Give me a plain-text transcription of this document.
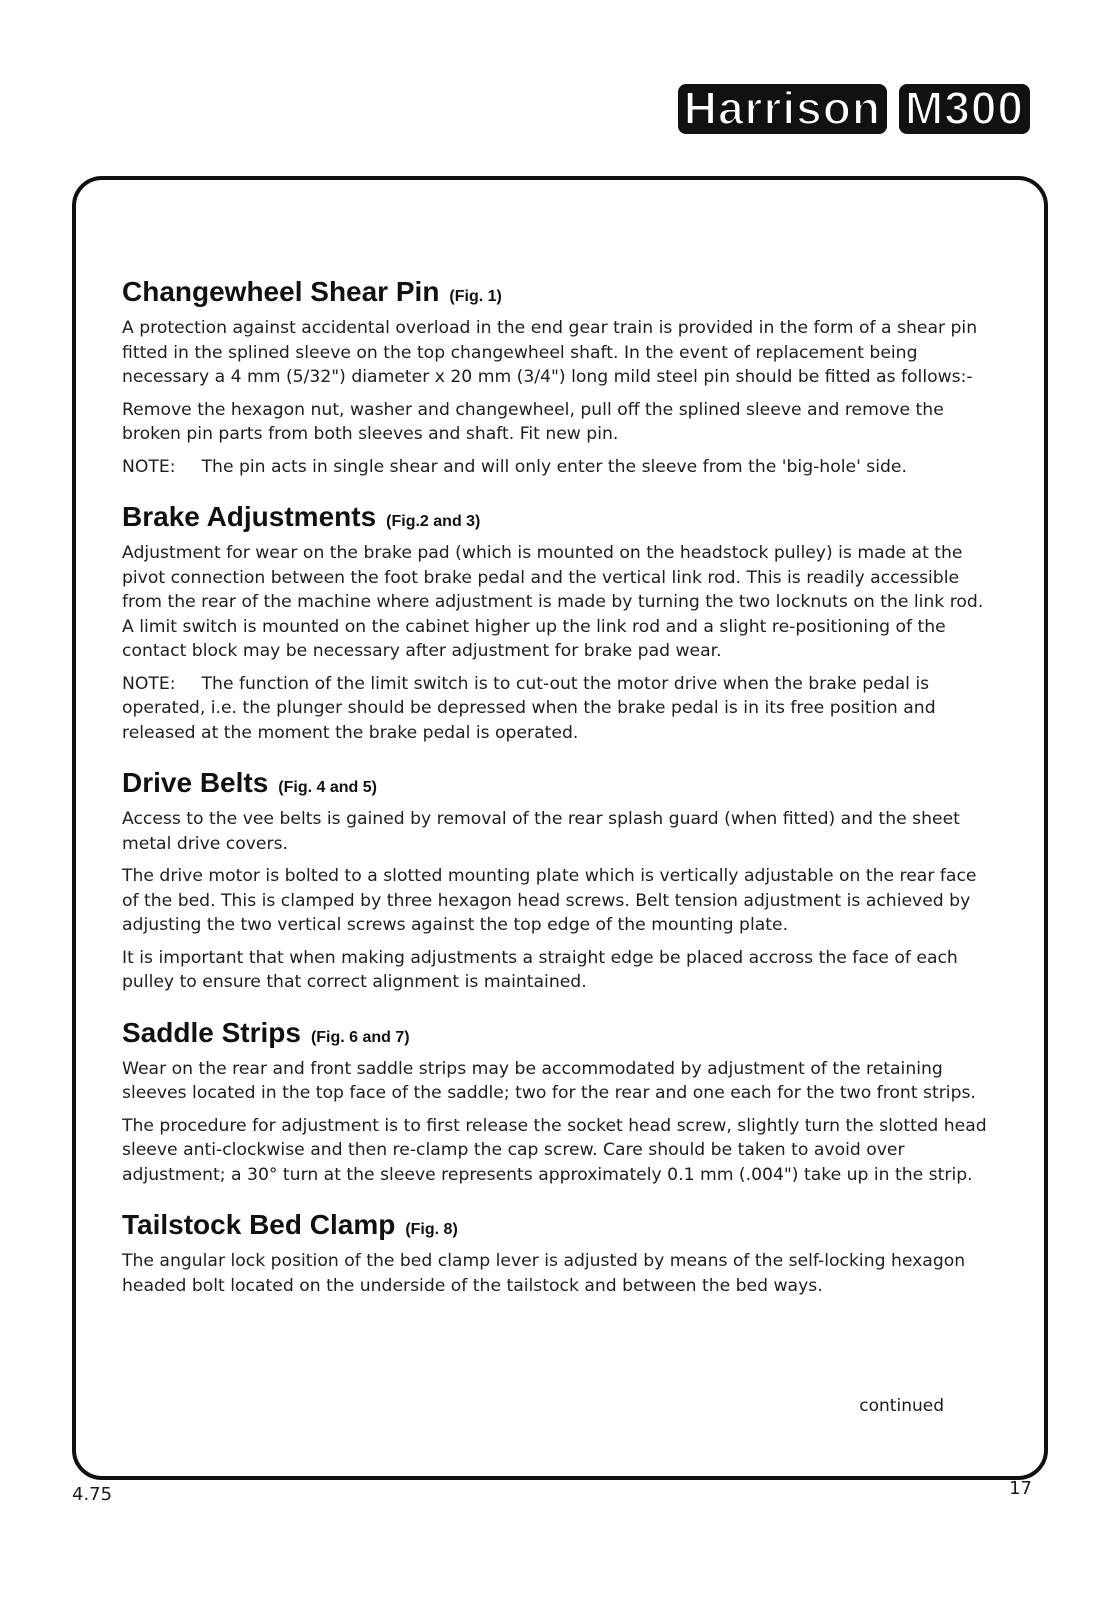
Harrison M300
Changewheel Shear Pin (Fig. 1)

A protection against accidental overload in the end gear train is provided in the form of a shear pin fitted in the splined sleeve on the top changewheel shaft. In the event of replacement being necessary a 4 mm (5/32") diameter x 20 mm (3/4") long mild steel pin should be fitted as follows:-

Remove the hexagon nut, washer and changewheel, pull off the splined sleeve and remove the broken pin parts from both sleeves and shaft. Fit new pin.

NOTE: The pin acts in single shear and will only enter the sleeve from the 'big-hole' side.

Brake Adjustments (Fig.2 and 3)

Adjustment for wear on the brake pad (which is mounted on the headstock pulley) is made at the pivot connection between the foot brake pedal and the vertical link rod. This is readily accessible from the rear of the machine where adjustment is made by turning the two locknuts on the link rod. A limit switch is mounted on the cabinet higher up the link rod and a slight re-positioning of the contact block may be necessary after adjustment for brake pad wear.

NOTE: The function of the limit switch is to cut-out the motor drive when the brake pedal is operated, i.e. the plunger should be depressed when the brake pedal is in its free position and released at the moment the brake pedal is operated.

Drive Belts (Fig. 4 and 5)

Access to the vee belts is gained by removal of the rear splash guard (when fitted) and the sheet metal drive covers.

The drive motor is bolted to a slotted mounting plate which is vertically adjustable on the rear face of the bed. This is clamped by three hexagon head screws. Belt tension adjustment is achieved by adjusting the two vertical screws against the top edge of the mounting plate.

It is important that when making adjustments a straight edge be placed accross the face of each pulley to ensure that correct alignment is maintained.

Saddle Strips (Fig. 6 and 7)

Wear on the rear and front saddle strips may be accommodated by adjustment of the retaining sleeves located in the top face of the saddle; two for the rear and one each for the two front strips.

The procedure for adjustment is to first release the socket head screw, slightly turn the slotted head sleeve anti-clockwise and then re-clamp the cap screw. Care should be taken to avoid over adjustment; a 30° turn at the sleeve represents approximately 0.1 mm (.004") take up in the strip.

Tailstock Bed Clamp (Fig. 8)

The angular lock position of the bed clamp lever is adjusted by means of the self-locking hexagon headed bolt located on the underside of the tailstock and between the bed ways.

continued
4.75	17
